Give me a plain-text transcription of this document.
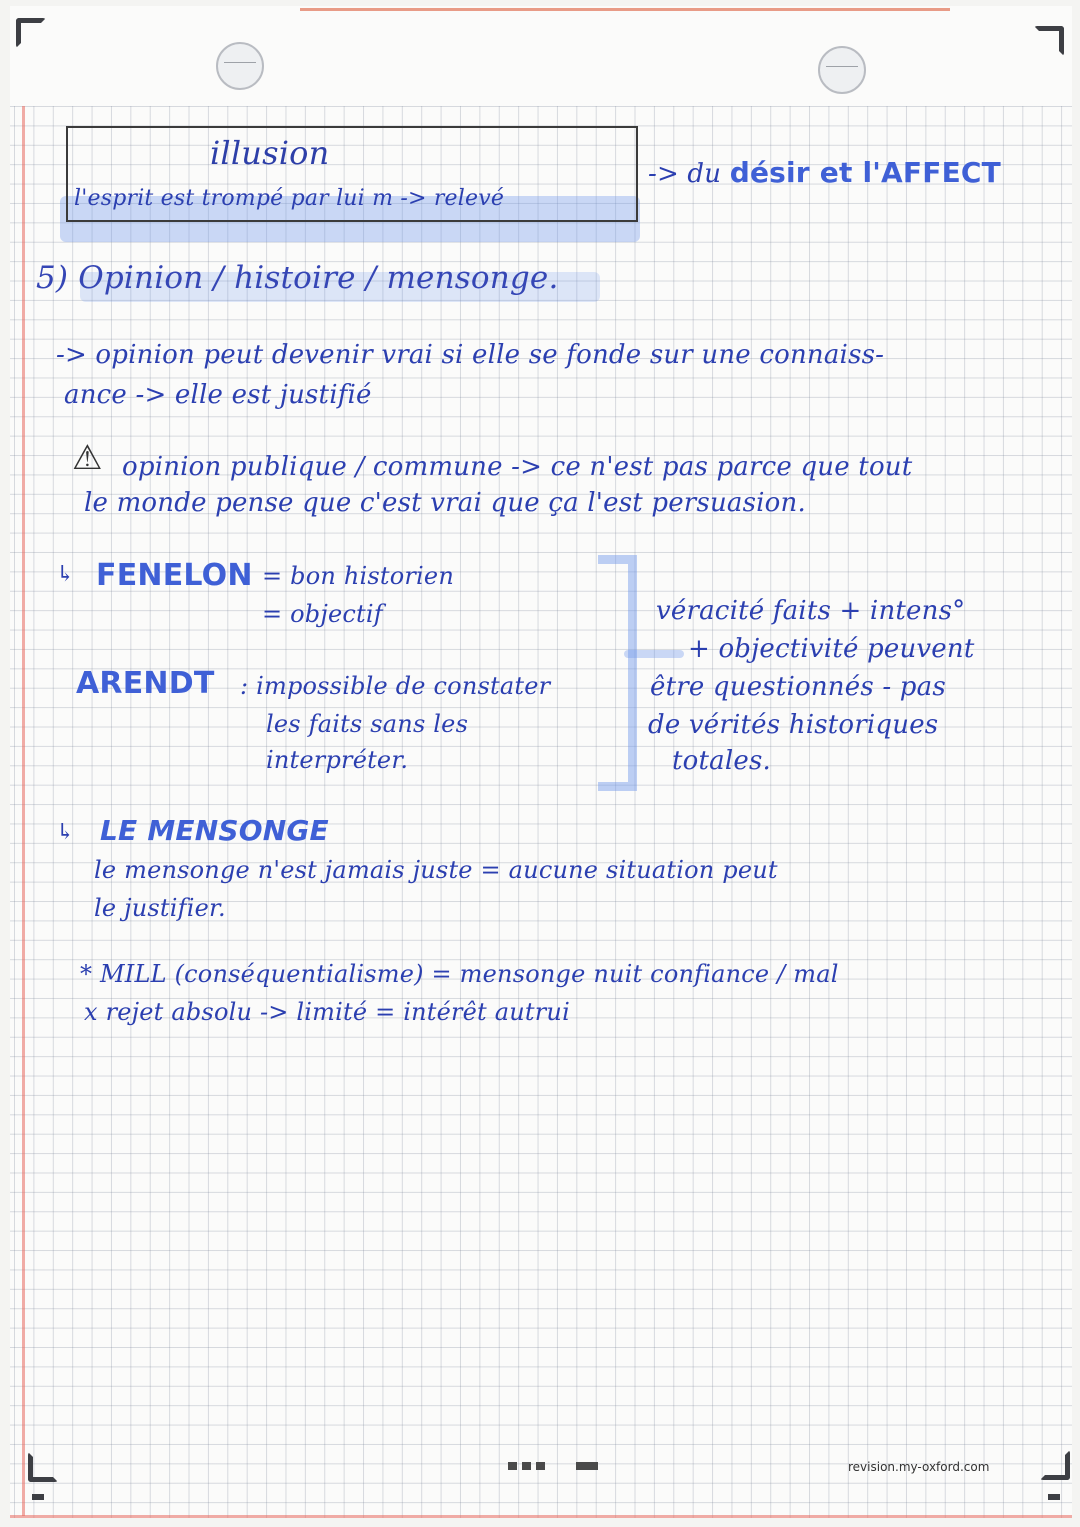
illusion
l'esprit est trompé par lui m -> relevé
-> du désir et l'AFFECT
5) Opinion / histoire / mensonge.
-> opinion peut devenir vrai si elle se fonde sur une connaiss-
ance -> elle est justifié
⚠ opinion publique / commune -> ce n'est pas parce que tout
le monde pense que c'est vrai que ça l'est persuasion.
↳ FENELON = bon historien
= objectif
ARENDT : impossible de constater
les faits sans les
interpréter.
véracité faits + intens°
+ objectivité peuvent
être questionnés - pas
de vérités historiques
totales.
↳ LE MENSONGE
le mensonge n'est jamais juste = aucune situation peut
le justifier.
* MILL (conséquentialisme) = mensonge nuit confiance / mal
x rejet absolu -> limité = intérêt autrui
revision.my-oxford.com
